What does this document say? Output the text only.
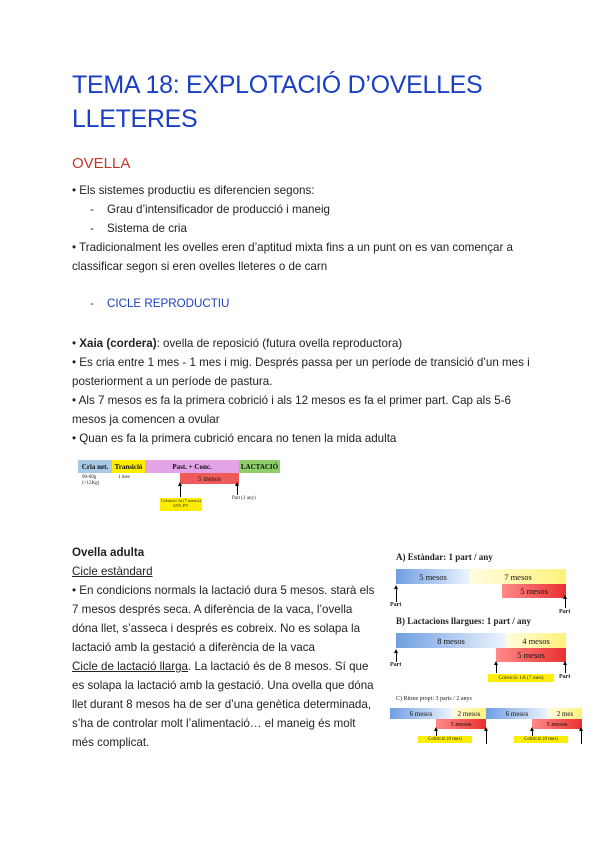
TEMA 18: EXPLOTACIÓ D’OVELLES LLETERES
OVELLA
• Els sistemes productiu es diferencien segons:
- Grau d’intensificador de producció i maneig
- Sistema de cria
• Tradicionalment les ovelles eren d’aptitud mixta fins a un punt on es van començar a classificar segon si eren ovelles lleteres o de carn
- CICLE REPRODUCTIU
• Xaia (cordera): ovella de reposició (futura ovella reproductora)
• Es cria entre 1 mes - 1 mes i mig. Després passa per un període de transició d’un mes i posteriorment a un període de pastura.
• Als 7 mesos es fa la primera cobrició i als 12 mesos es fa el primer part. Cap als 5-6 mesos ja comencen a ovular
• Quan es fa la primera cubrició encara no tenen la mida adulta
Cria net. Transició	Past. + Conc.	LACTACIÓ
5 mesos
90-60g (>12Kg)
1 mes
Cobrició 1a (7 mesos) 65% PV
Part (1 any)
Ovella adulta
Cicle estàndard
• En condicions normals la lactació dura 5 mesos. starà els 7 mesos després seca. A diferència de la vaca, l’ovella dóna llet, s’asseca i després es cobreix. No es solapa la lactació amb la gestació a diferència de la vaca
Cicle de lactació llarga. La lactació és de 8 mesos. Sí que es solapa la lactació amb la gestació. Una ovella que dóna llet durant 8 mesos ha de ser d’una genètica determinada, s’ha de controlar molt l’alimentació… el maneig és molt més complicat.
A) Estàndar: 1 part / any
5 mesos	7 mesos
5 mesos
Part
Part
B) Lactacions llargues: 1 part / any
8 mesos	4 mesos
5 mesos
Part
Cobrició 1A (7 mes)	Part
C) Ritme propi: 3 parts / 2 anys
6 mesos	2 mesos	6 mesos	2 mes
5 mesos	5 mesos
Cobrició (8 mes)	Cobrició (8 mes)
